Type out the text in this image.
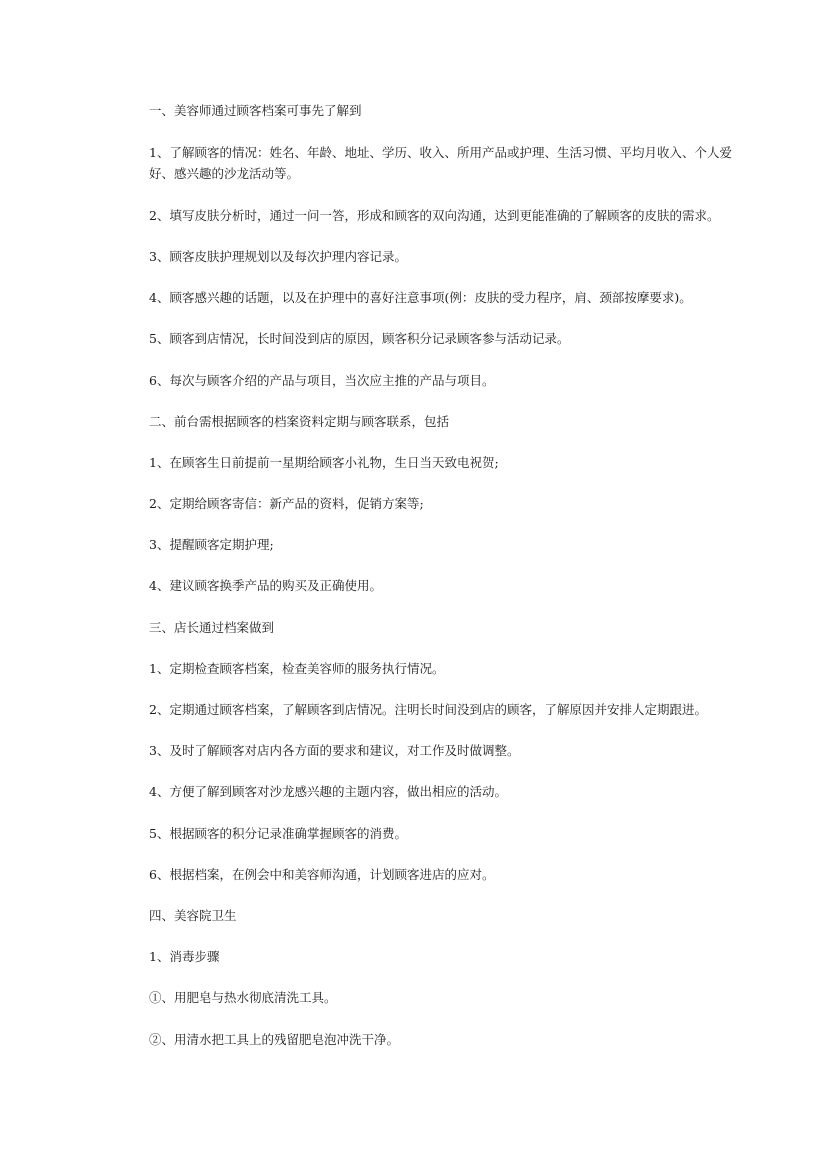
一、美容师通过顾客档案可事先了解到
1、了解顾客的情况：姓名、年龄、地址、学历、收入、所用产品或护理、生活习惯、平均月收入、个人爱好、感兴趣的沙龙活动等。
2、填写皮肤分析时，通过一问一答，形成和顾客的双向沟通，达到更能准确的了解顾客的皮肤的需求。
3、顾客皮肤护理规划以及每次护理内容记录。
4、顾客感兴趣的话题，以及在护理中的喜好注意事项(例：皮肤的受力程序，肩、颈部按摩要求)。
5、顾客到店情况，长时间没到店的原因，顾客积分记录顾客参与活动记录。
6、每次与顾客介绍的产品与项目，当次应主推的产品与项目。
二、前台需根据顾客的档案资料定期与顾客联系，包括
1、在顾客生日前提前一星期给顾客小礼物，生日当天致电祝贺;
2、定期给顾客寄信：新产品的资料，促销方案等;
3、提醒顾客定期护理;
4、建议顾客换季产品的购买及正确使用。
三、店长通过档案做到
1、定期检查顾客档案，检查美容师的服务执行情况。
2、定期通过顾客档案，了解顾客到店情况。注明长时间没到店的顾客，了解原因并安排人定期跟进。
3、及时了解顾客对店内各方面的要求和建议，对工作及时做调整。
4、方便了解到顾客对沙龙感兴趣的主题内容，做出相应的活动。
5、根据顾客的积分记录准确掌握顾客的消费。
6、根据档案，在例会中和美容师沟通，计划顾客进店的应对。
四、美容院卫生
1、消毒步骤
①、用肥皂与热水彻底清洗工具。
②、用清水把工具上的残留肥皂泡冲洗干净。
